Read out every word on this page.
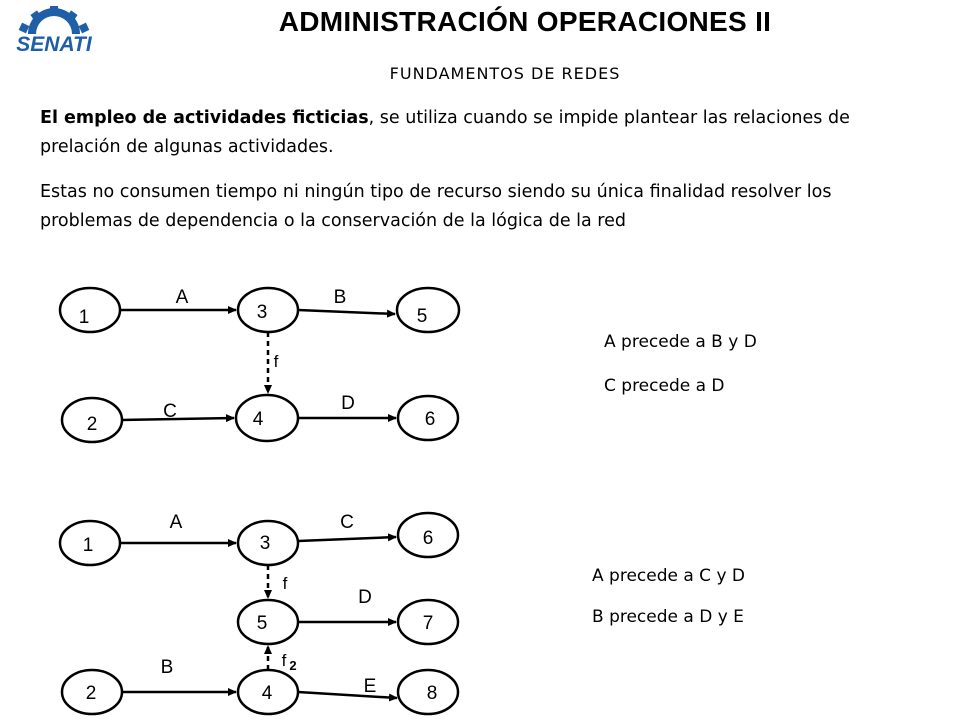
SENATI
ADMINISTRACIÓN OPERACIONES II
FUNDAMENTOS DE REDES
El empleo de actividades ficticias, se utiliza cuando se impide plantear las relaciones de prelación de algunas actividades.
Estas no consumen tiempo ni ningún tipo de recurso siendo su única finalidad resolver los problemas de dependencia o la conservación de la lógica de la red
1	3	5
2	4	6
A	B
C	D
f
1	3	6
5	7
2	4	8
A	C
D
B
E
f
f 2
A precede a B y D
C precede a D
A precede a C y D
B precede a D y E
